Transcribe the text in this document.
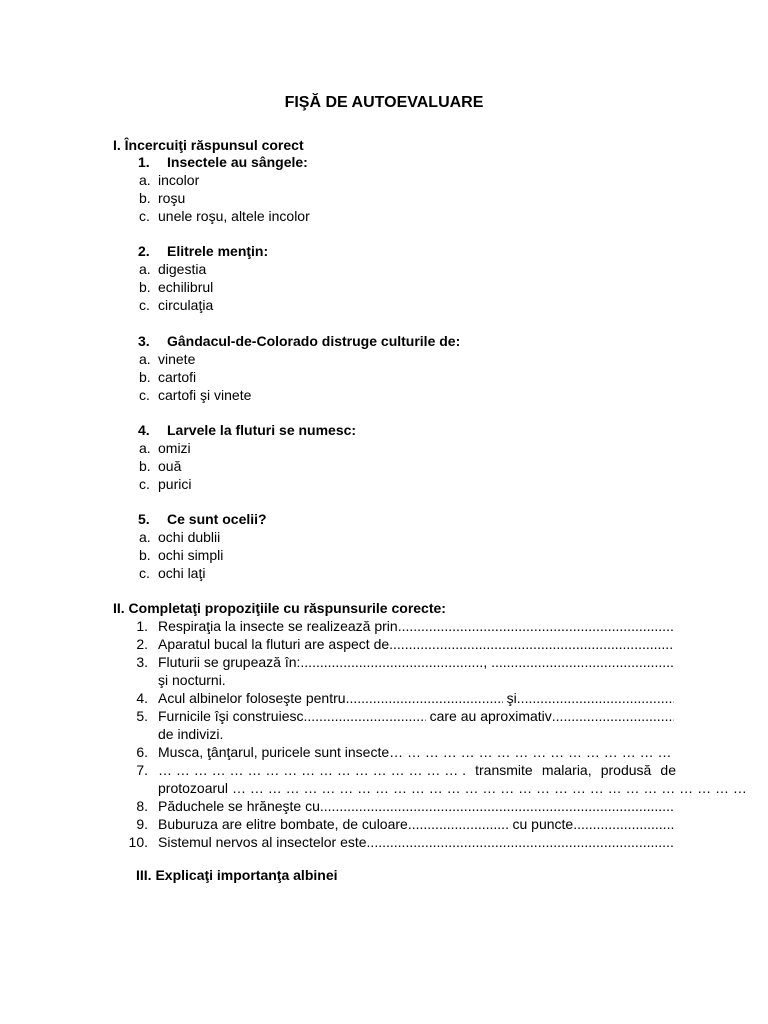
FIŞĂ DE AUTOEVALUARE
I. Încercuiţi răspunsul corect
1. Insectele au sângele:
a. incolor
b. roşu
c. unele roşu, altele incolor
2. Elitrele menţin:
a. digestia
b. echilibrul
c. circulaţia
3. Gândacul-de-Colorado distruge culturile de:
a. vinete
b. cartofi
c. cartofi şi vinete
4. Larvele la fluturi se numesc:
a. omizi
b. ouă
c. purici
5. Ce sunt ocelii?
a. ochi dublii
b. ochi simpli
c. ochi laţi
II. Completaţi propoziţiile cu răspunsurile corecte:
1. Respiraţia la insecte se realizează prin
.....
2. Aparatul bucal la fluturi are aspect de
.....
3. Fluturii se grupează în: .....	,

.....
şi nocturni.
4. Acul albinelor foloseşte pentru .....
	şi
.....
5. Furnicile îşi construiesc .....
	care au aproximativ
.....
de indivizi.
6. Musca, ţânţarul, puricele sunt insecte
… … … … … … … … … … … … … … … … … … … … … … … … … … … … … … … … … … … … … … … … … … … … … … … …
7. … … … … … … … … … … … … … … … … … . transmite malaria, produsă de
protozoarul … … … … … … … … … … … … … … … … … … … … … … … … … … … … …
8. Păduchele se hrăneşte cu
.....
9. Buburuza are elitre bombate, de culoare .....
	cu puncte
.....
10. Sistemul nervos al insectelor este
.....
III. Explicaţi importanţa albinei
